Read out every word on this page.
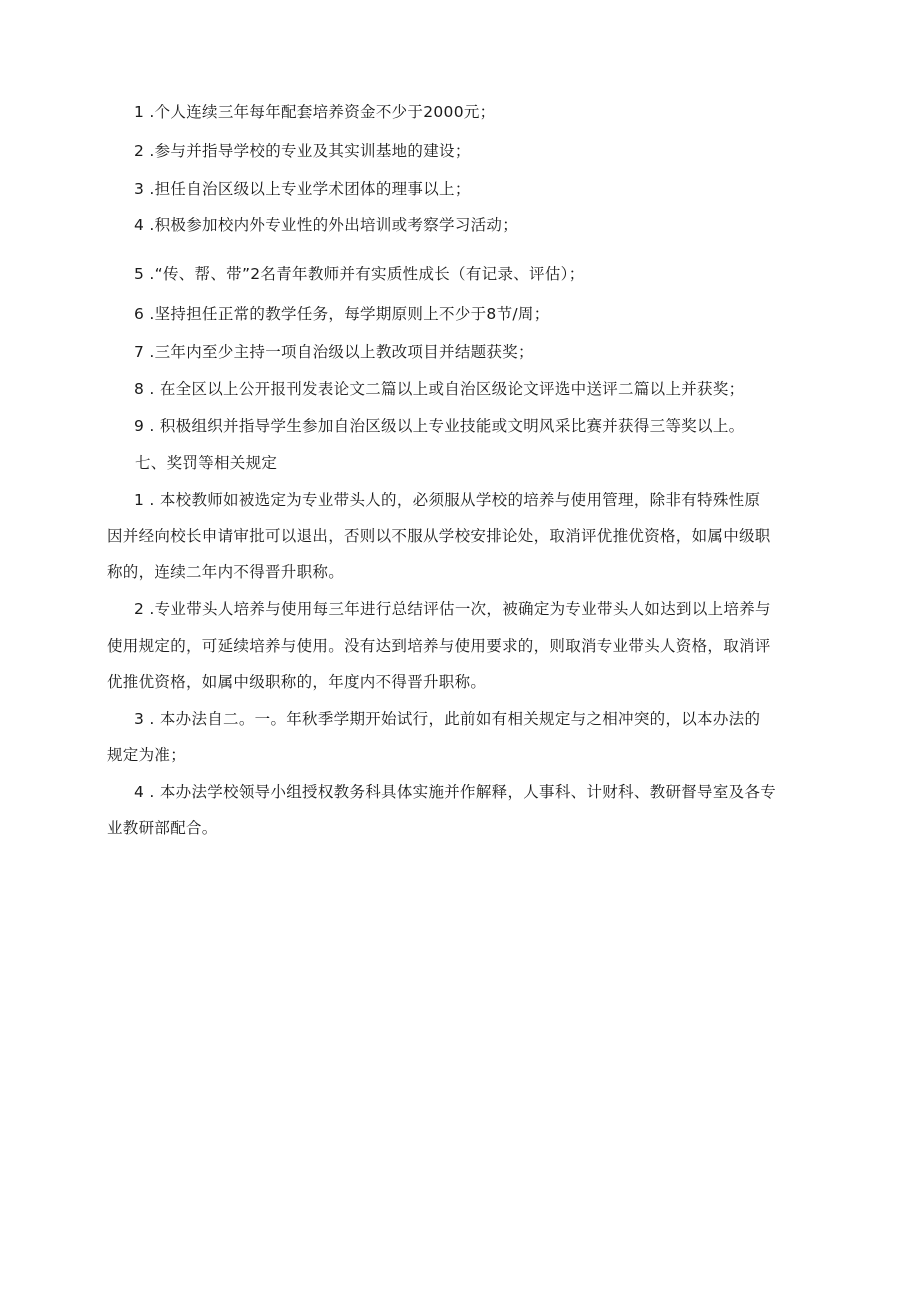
1 .个人连续三年每年配套培养资金不少于2000元；
2 .参与并指导学校的专业及其实训基地的建设；
3 .担任自治区级以上专业学术团体的理事以上；
4 .积极参加校内外专业性的外出培训或考察学习活动；
5 .“传、帮、带”2名青年教师并有实质性成长（有记录、评估）；
6 .坚持担任正常的教学任务，每学期原则上不少于8节/周；
7 .三年内至少主持一项自治级以上教改项目并结题获奖；
8 . 在全区以上公开报刊发表论文二篇以上或自治区级论文评选中送评二篇以上并获奖；
9 . 积极组织并指导学生参加自治区级以上专业技能或文明风采比赛并获得三等奖以上。
七、奖罚等相关规定
1 . 本校教师如被选定为专业带头人的，必须服从学校的培养与使用管理，除非有特殊性原
因并经向校长申请审批可以退出，否则以不服从学校安排论处，取消评优推优资格，如属中级职
称的，连续二年内不得晋升职称。
2 .专业带头人培养与使用每三年进行总结评估一次，被确定为专业带头人如达到以上培养与
使用规定的，可延续培养与使用。没有达到培养与使用要求的，则取消专业带头人资格，取消评
优推优资格，如属中级职称的，年度内不得晋升职称。
3 . 本办法自二。一。年秋季学期开始试行，此前如有相关规定与之相冲突的，以本办法的
规定为准；
4 . 本办法学校领导小组授权教务科具体实施并作解释，人事科、计财科、教研督导室及各专
业教研部配合。
